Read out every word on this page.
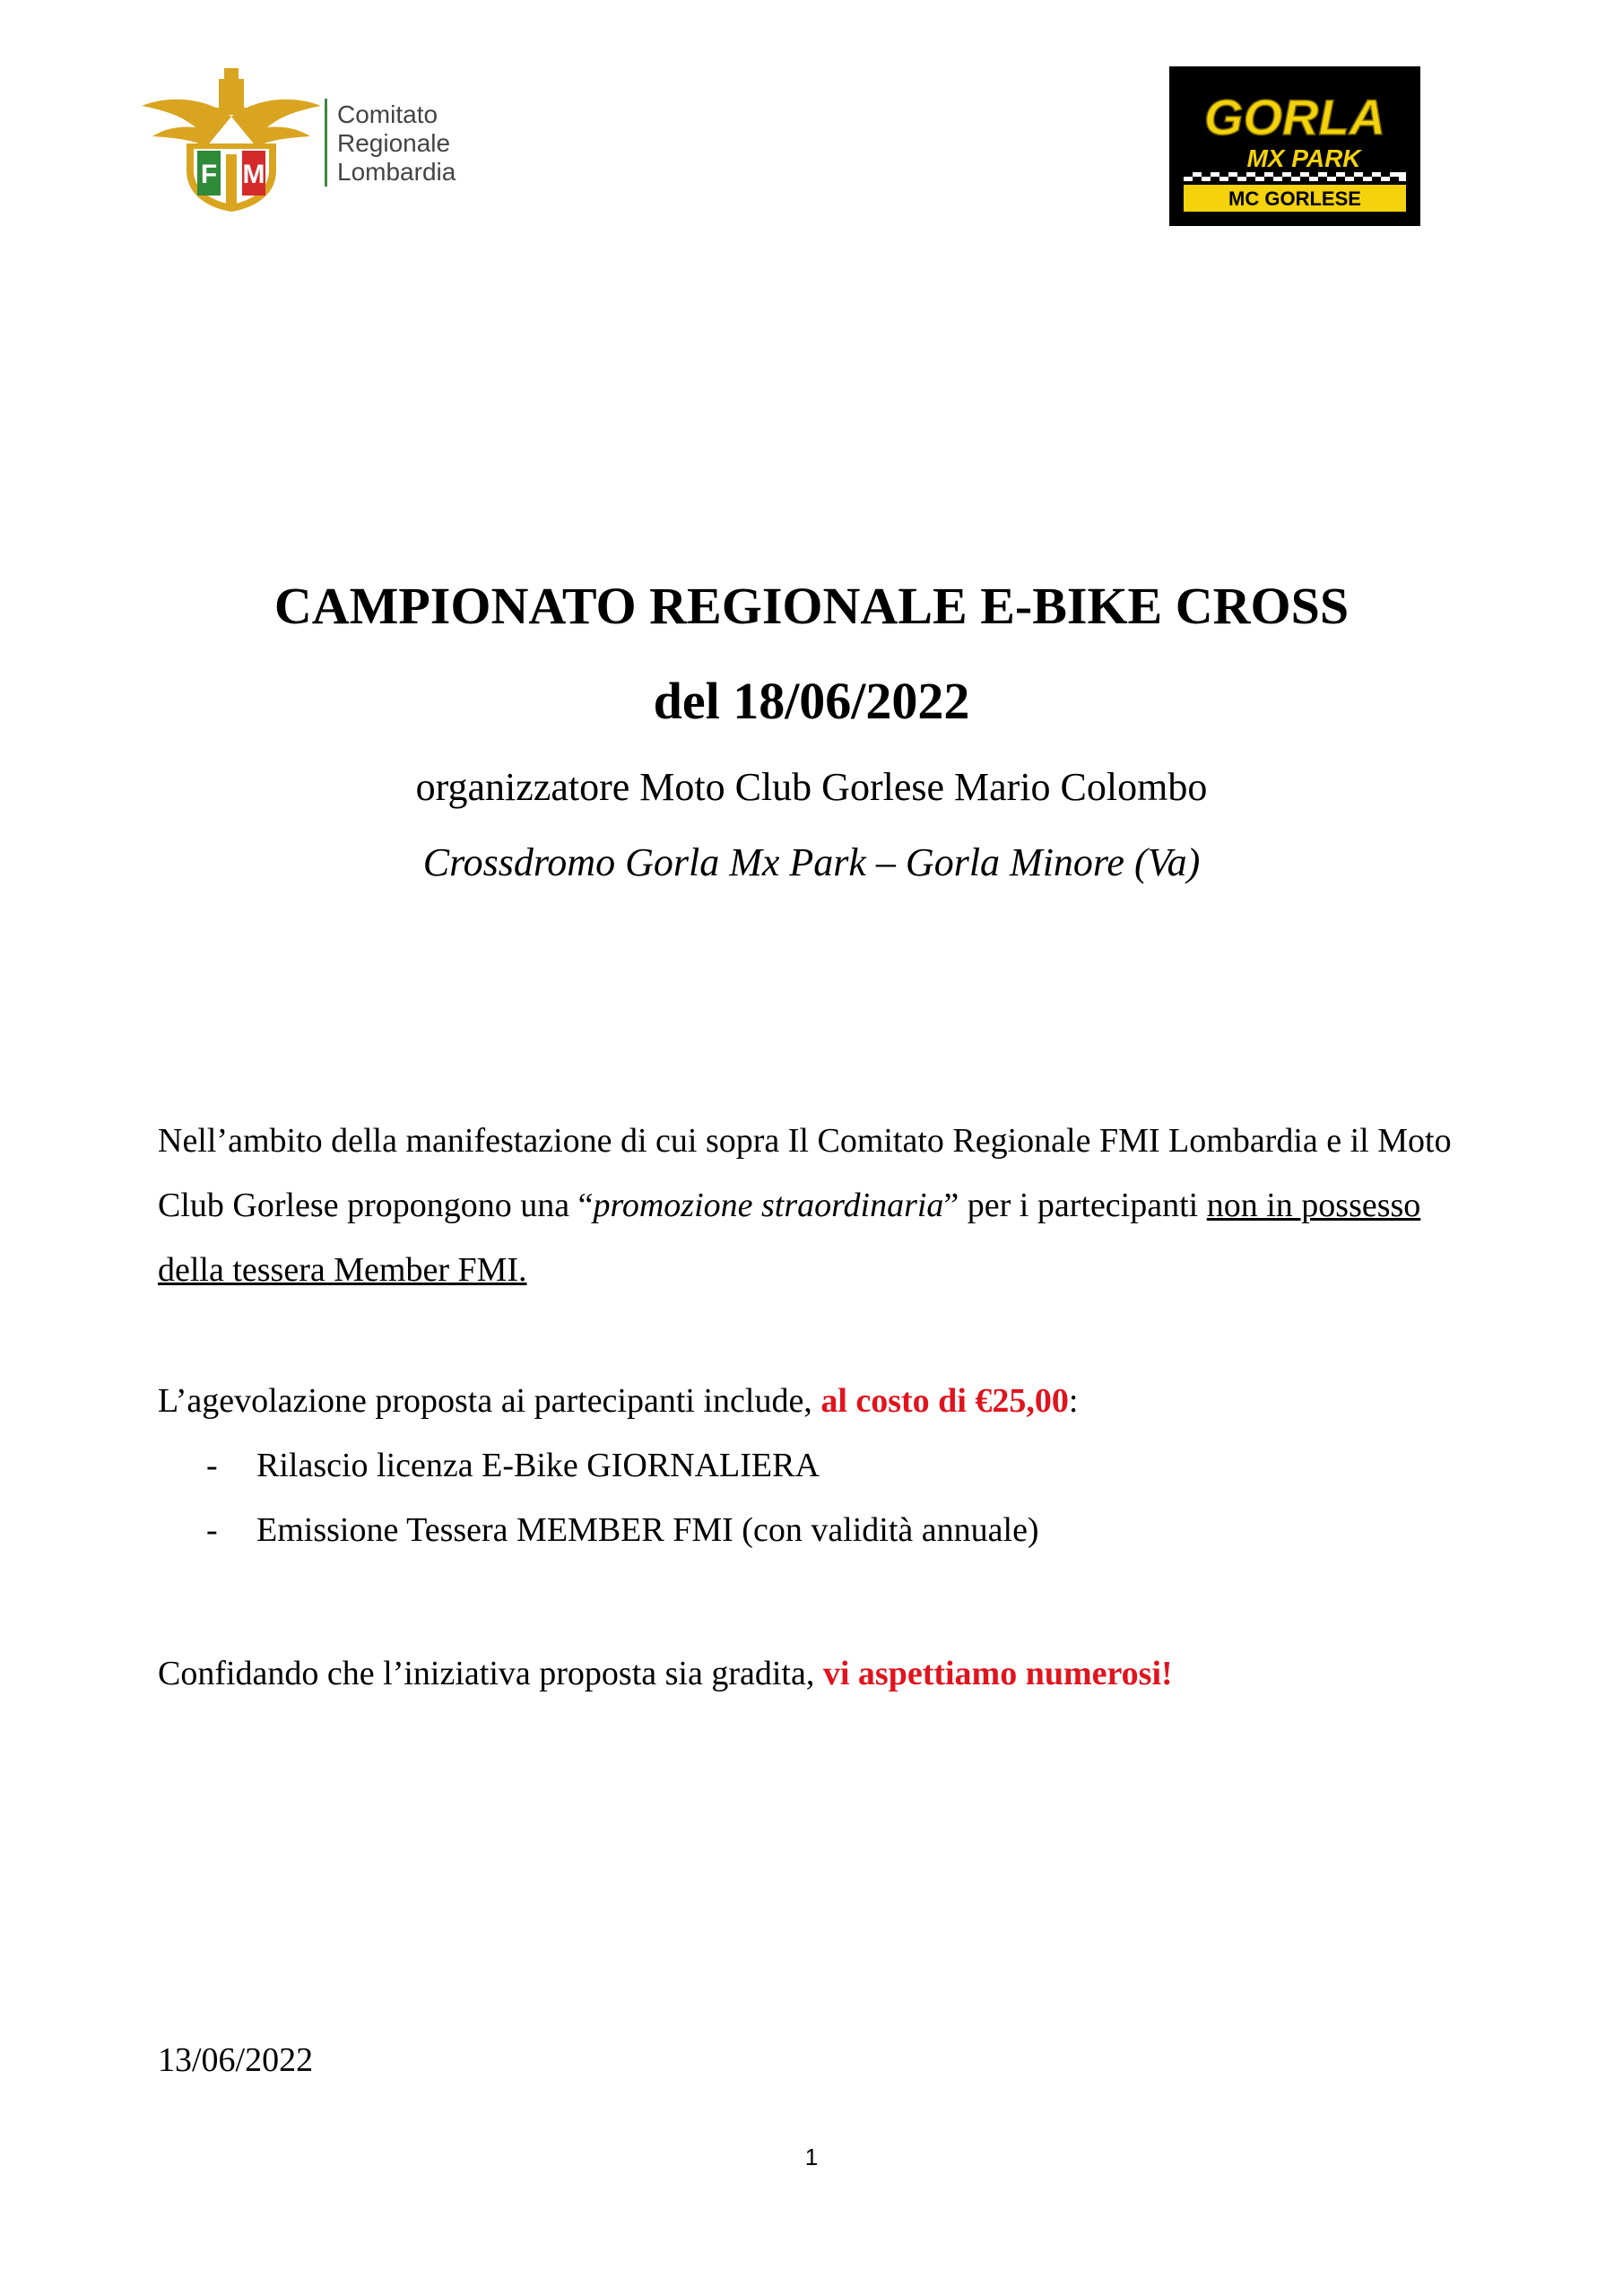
F M
Comitato
Regionale
Lombardia
GORLA
MX PARK
MC GORLESE
CAMPIONATO REGIONALE E-BIKE CROSS
del 18/06/2022
organizzatore Moto Club Gorlese Mario Colombo
Crossdromo Gorla Mx Park – Gorla Minore (Va)
Nell’ambito della manifestazione di cui sopra Il Comitato Regionale FMI Lombardia e il Moto Club Gorlese propongono una “promozione straordinaria” per i partecipanti non in possesso della tessera Member FMI.
L’agevolazione proposta ai partecipanti include, al costo di €25,00:
- Rilascio licenza E-Bike GIORNALIERA
- Emissione Tessera MEMBER FMI (con validità annuale)
Confidando che l’iniziativa proposta sia gradita, vi aspettiamo numerosi!
13/06/2022
1
